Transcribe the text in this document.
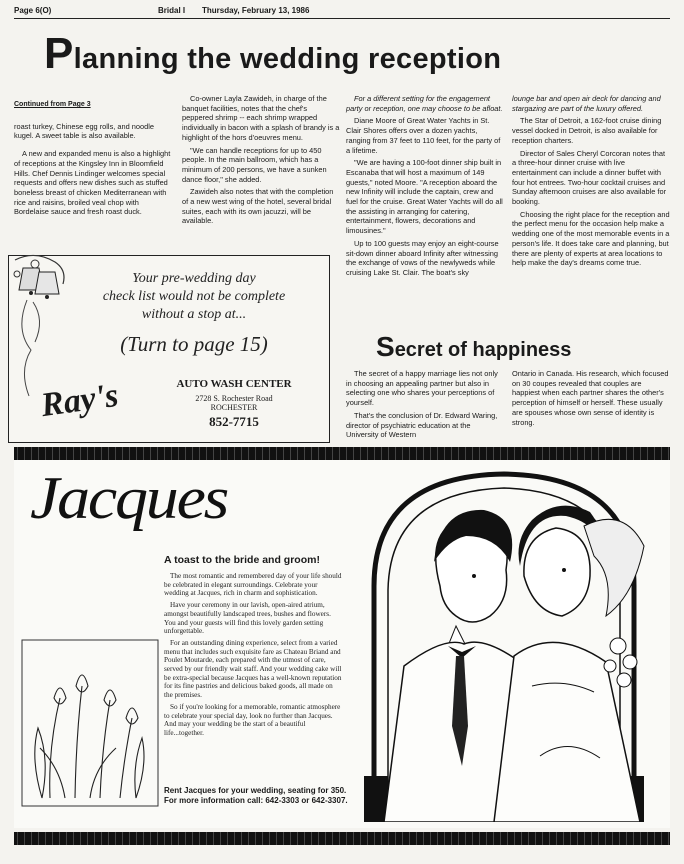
Page 6(O)	Bridal I Thursday, February 13, 1986
Planning the wedding reception
Continued from Page 3

roast turkey, Chinese egg rolls, and noodle kugel. A sweet table is also available.

A new and expanded menu is also a highlight of receptions at the Kingsley Inn in Bloomfield Hills. Chef Dennis Lindinger welcomes special requests and offers new dishes such as stuffed boneless breast of chicken Mediterranean with rice and raisins, broiled veal chop with Bordelaise sauce and fresh roast duck.

Co-owner Layla Zawideh, in charge of the banquet facilities, notes that the chef's peppered shrimp -- each shrimp wrapped individually in bacon with a splash of brandy is a highlight of the hors d'oeuvres menu.

"We can handle receptions for up to 450 people. In the main ballroom, which has a minimum of 200 persons, we have a sunken dance floor," she added.

Zawideh also notes that with the completion of a new west wing of the hotel, several bridal suites, each with its own jacuzzi, will be available.

For a different setting for the engagement party or reception, one may choose to be afloat.

Diane Moore of Great Water Yachts in St. Clair Shores offers over a dozen yachts, ranging from 37 feet to 110 feet, for the party of a lifetime.

"We are having a 100-foot dinner ship built in Escanaba that will host a maximum of 149 guests," noted Moore. "A reception aboard the new Infinity will include the captain, crew and fuel for the cruise. Great Water Yachts will do all the assisting in arranging for catering, entertainment, flowers, decorations and limousines."

Up to 100 guests may enjoy an eight-course sit-down dinner aboard Infinity after witnessing the exchange of vows of the newlyweds while cruising Lake St. Clair. The boat's sky

lounge bar and open air deck for dancing and stargazing are part of the luxury offered.

The Star of Detroit, a 162-foot cruise dining vessel docked in Detroit, is also available for reception charters.

Director of Sales Cheryl Corcoran notes that a three-hour dinner cruise with live entertainment can include a dinner buffet with four hot entrees. Two-hour cocktail cruises and Sunday afternoon cruises are also available for booking.

Choosing the right place for the reception and the perfect menu for the occasion help make a wedding one of the most memorable events in a person's life. It does take care and planning, but there are plenty of experts at area locations to help make the day's dreams come true.

Your pre-wedding day
check list would not be complete
without a stop at...
(Turn to page 15)
Ray's	AUTO WASH CENTER
2728 S. Rochester Road
ROCHESTER
852-7715
Secret of happiness

The secret of a happy marriage lies not only in choosing an appealing partner but also in selecting one who shares your perceptions of yourself.

That's the conclusion of Dr. Edward Waring, director of psychiatric education at the University of Western

Ontario in Canada. His research, which focused on 30 coupes revealed that couples are happiest when each partner shares the other's perception of himself or herself. These usually are spouses whose own sense of identity is strong.

Jacques
A toast to the bride and groom!

The most romantic and remembered day of your life should be celebrated in elegant surroundings. Celebrate your wedding at Jacques, rich in charm and sophistication.

Have your ceremony in our lavish, open-aired atrium, amongst beautifully landscaped trees, bushes and flowers. You and your guests will find this lovely garden setting unforgettable.

For an outstanding dining experience, select from a varied menu that includes such exquisite fare as Chateau Briand and Poulet Moutarde, each prepared with the utmost of care, served by our friendly wait staff. And your wedding cake will be extra-special because Jacques has a well-known reputation for its fine pastries and delicious baked goods, all made on the premises.

So if you're looking for a memorable, romantic atmosphere to celebrate your special day, look no further than Jacques. And may your wedding be the start of a beautiful life...together.

Rent Jacques for your wedding, seating for 350. For more information call: 642-3303 or 642-3307.
